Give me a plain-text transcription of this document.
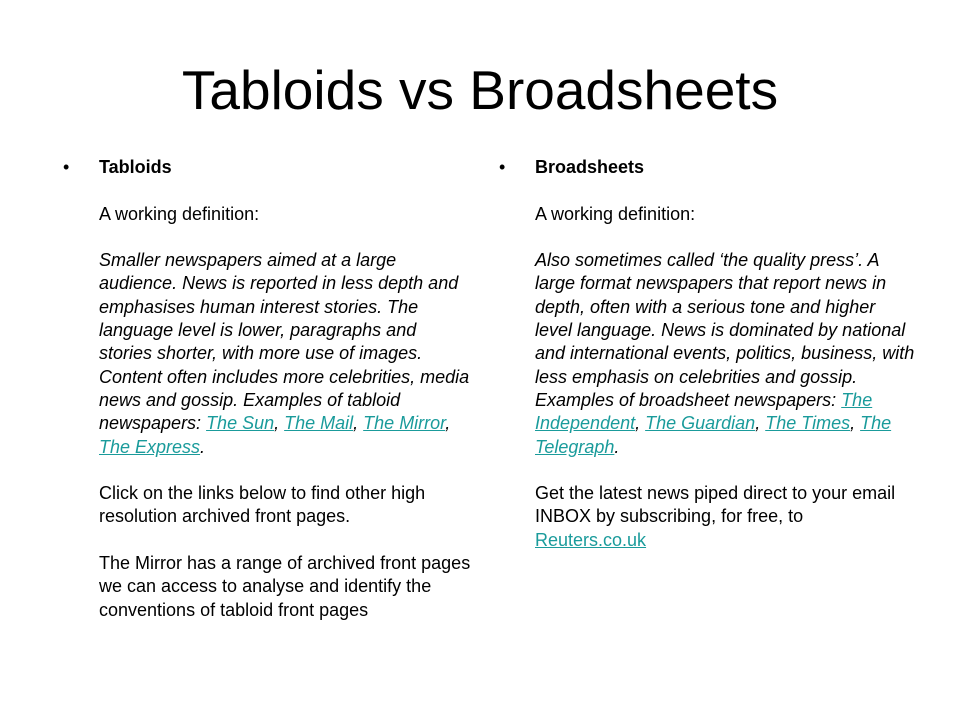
Tabloids vs Broadsheets
• Tabloids

A working definition:

Smaller newspapers aimed at a large audience. News is reported in less depth and emphasises human interest stories. The language level is lower, paragraphs and stories shorter, with more use of images. Content often includes more celebrities, media news and gossip. Examples of tabloid newspapers: The Sun, The Mail, The Mirror, The Express.

Click on the links below to find other high resolution archived front pages.

The Mirror has a range of archived front pages we can access to analyse and identify the conventions of tabloid front pages

• Broadsheets

A working definition:

Also sometimes called ‘the quality press’. A large format newspapers that report news in depth, often with a serious tone and higher level language. News is dominated by national and international events, politics, business, with less emphasis on celebrities and gossip. Examples of broadsheet newspapers: The Independent, The Guardian, The Times, The Telegraph.

Get the latest news piped direct to your email INBOX by subscribing, for free, to Reuters.co.uk
